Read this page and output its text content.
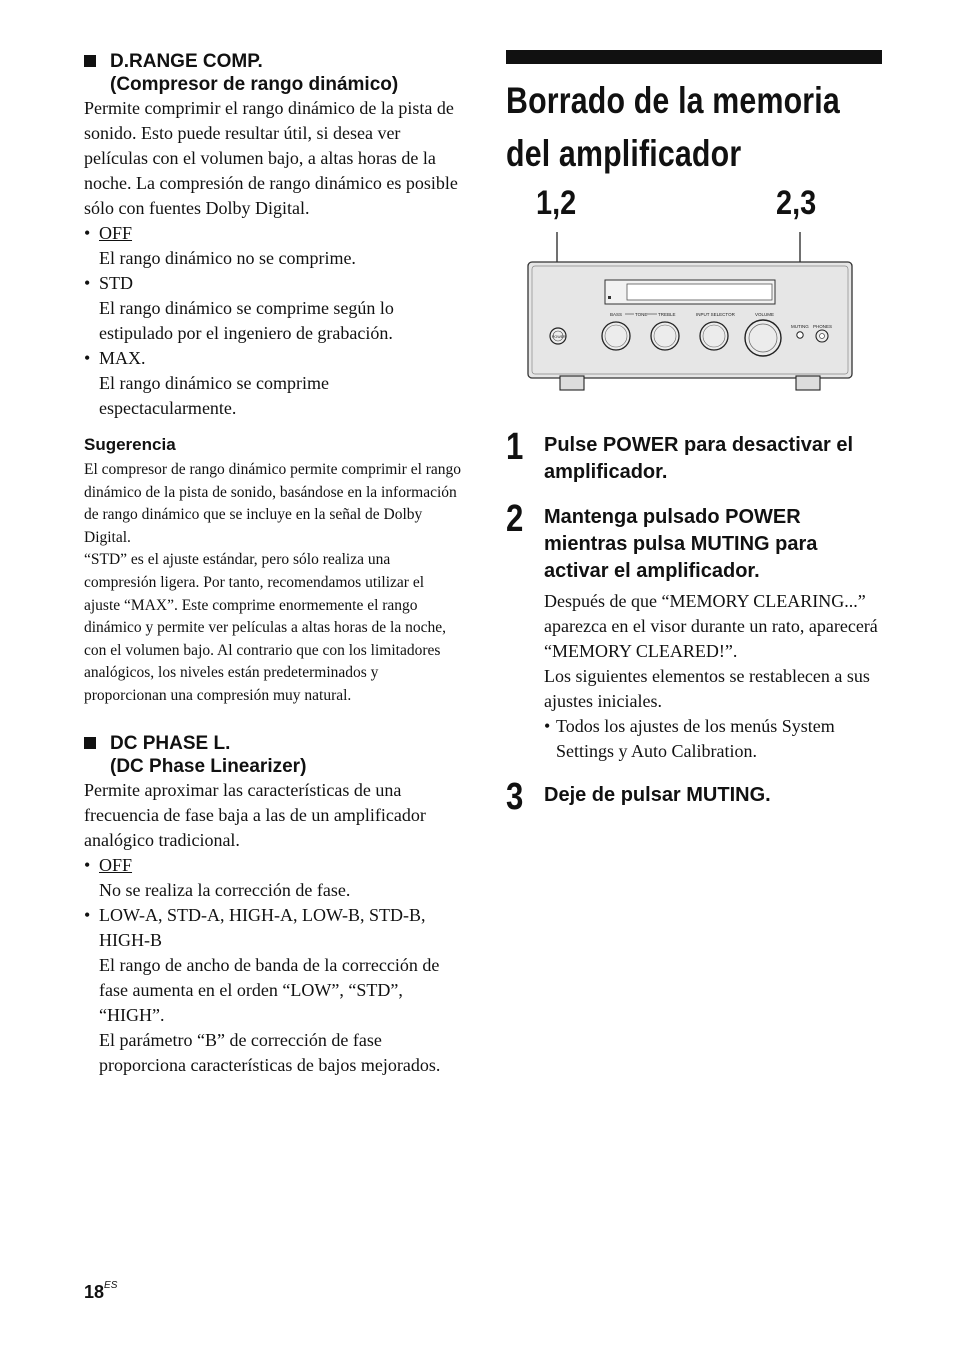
D.RANGE COMP.
(Compresor de rango dinámico)

Permite comprimir el rango dinámico de la pista de sonido. Esto puede resultar útil, si desea ver películas con el volumen bajo, a altas horas de la noche. La compresión de rango dinámico es posible sólo con fuentes Dolby Digital.

• OFF
El rango dinámico no se comprime.
• STD
El rango dinámico se comprime según lo estipulado por el ingeniero de grabación.
• MAX.
El rango dinámico se comprime espectacularmente.
Sugerencia

El compresor de rango dinámico permite comprimir el rango dinámico de la pista de sonido, basándose en la información de rango dinámico que se incluye en la señal de Dolby Digital.

“STD” es el ajuste estándar, pero sólo realiza una compresión ligera. Por tanto, recomendamos utilizar el ajuste “MAX”. Este comprime enormemente el rango dinámico y permite ver películas a altas horas de la noche, con el volumen bajo. Al contrario que con los limitadores analógicos, los niveles están predeterminados y proporcionan una compresión muy natural.

DC PHASE L.
(DC Phase Linearizer)

Permite aproximar las características de una frecuencia de fase baja a las de un amplificador analógico tradicional.

• OFF
No se realiza la corrección de fase.
• LOW-A, STD-A, HIGH-A, LOW-B, STD-B, HIGH-B
El rango de ancho de banda de la corrección de fase aumenta en el orden “LOW”, “STD”, “HIGH”.
El parámetro “B” de corrección de fase proporciona características de bajos mejorados.
Borrado de la memoria
del amplificador
1,2	2,3
BASS	TONE TREBLE	INPUT SELECTOR	VOLUME
MUTING PHONES
POWER
1 Pulse POWER para desactivar el amplificador.
2 Mantenga pulsado POWER mientras pulsa MUTING para activar el amplificador.

Después de que “MEMORY CLEARING...” aparezca en el visor durante un rato, aparecerá “MEMORY CLEARED!”.

Los siguientes elementos se restablecen a sus ajustes iniciales.

• Todos los ajustes de los menús System Settings y Auto Calibration.
3 Deje de pulsar MUTING.
$18^{ES}$
